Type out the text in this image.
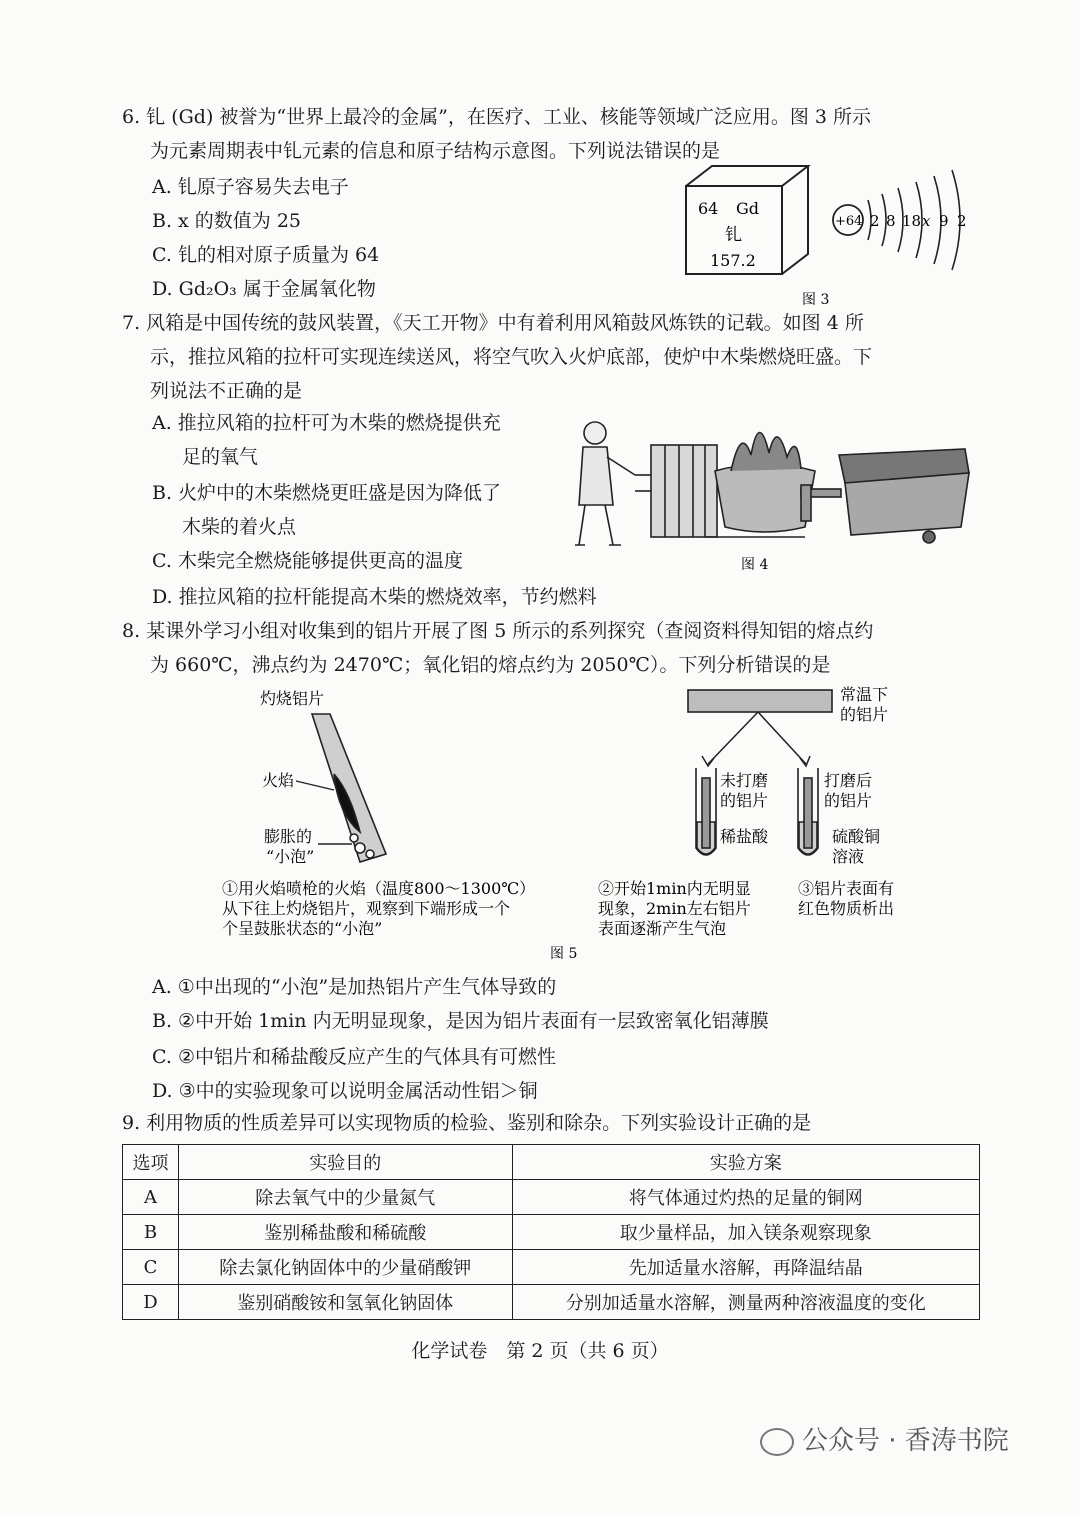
6. 钆 (Gd) 被誉为“世界上最冷的金属”，在医疗、工业、核能等领域广泛应用。图 3 所示
为元素周期表中钆元素的信息和原子结构示意图。下列说法错误的是
A. 钆原子容易失去电子
B. x 的数值为 25
C. 钆的相对原子质量为 64
D. Gd₂O₃ 属于金属氧化物
64 Gd
钆
157.2
+64 2 8 18 x 9 2
图 3
7. 风箱是中国传统的鼓风装置，《天工开物》中有着利用风箱鼓风炼铁的记载。如图 4 所
示，推拉风箱的拉杆可实现连续送风，将空气吹入火炉底部，使炉中木柴燃烧旺盛。下
列说法不正确的是
A. 推拉风箱的拉杆可为木柴的燃烧提供充
足的氧气
B. 火炉中的木柴燃烧更旺盛是因为降低了
木柴的着火点
C. 木柴完全燃烧能够提供更高的温度
D. 推拉风箱的拉杆能提高木柴的燃烧效率，节约燃料
图 4
8. 某课外学习小组对收集到的铝片开展了图 5 所示的系列探究（查阅资料得知铝的熔点约
为 660℃，沸点约为 2470℃；氧化铝的熔点约为 2050℃）。下列分析错误的是
灼烧铝片
火焰
膨胀的
“小泡”
常温下
的铝片
未打磨
的铝片
稀盐酸
打磨后
的铝片
硫酸铜
溶液
①用火焰喷枪的火焰（温度800～1300℃）
从下往上灼烧铝片，观察到下端形成一个
个呈鼓胀状态的“小泡”
②开始1min内无明显
现象，2min左右铝片
表面逐渐产生气泡
③铝片表面有
红色物质析出
图 5
A. ①中出现的“小泡”是加热铝片产生气体导致的
B. ②中开始 1min 内无明显现象，是因为铝片表面有一层致密氧化铝薄膜
C. ②中铝片和稀盐酸反应产生的气体具有可燃性
D. ③中的实验现象可以说明金属活动性铝＞铜
9. 利用物质的性质差异可以实现物质的检验、鉴别和除杂。下列实验设计正确的是
选项	实验目的	实验方案
A	除去氧气中的少量氮气	将气体通过灼热的足量的铜网
B	鉴别稀盐酸和稀硫酸	取少量样品，加入镁条观察现象
C	除去氯化钠固体中的少量硝酸钾	先加适量水溶解，再降温结晶
D	鉴别硝酸铵和氢氧化钠固体	分别加适量水溶解，测量两种溶液温度的变化
化学试卷　第 2 页（共 6 页）
公众号 · 香涛书院
